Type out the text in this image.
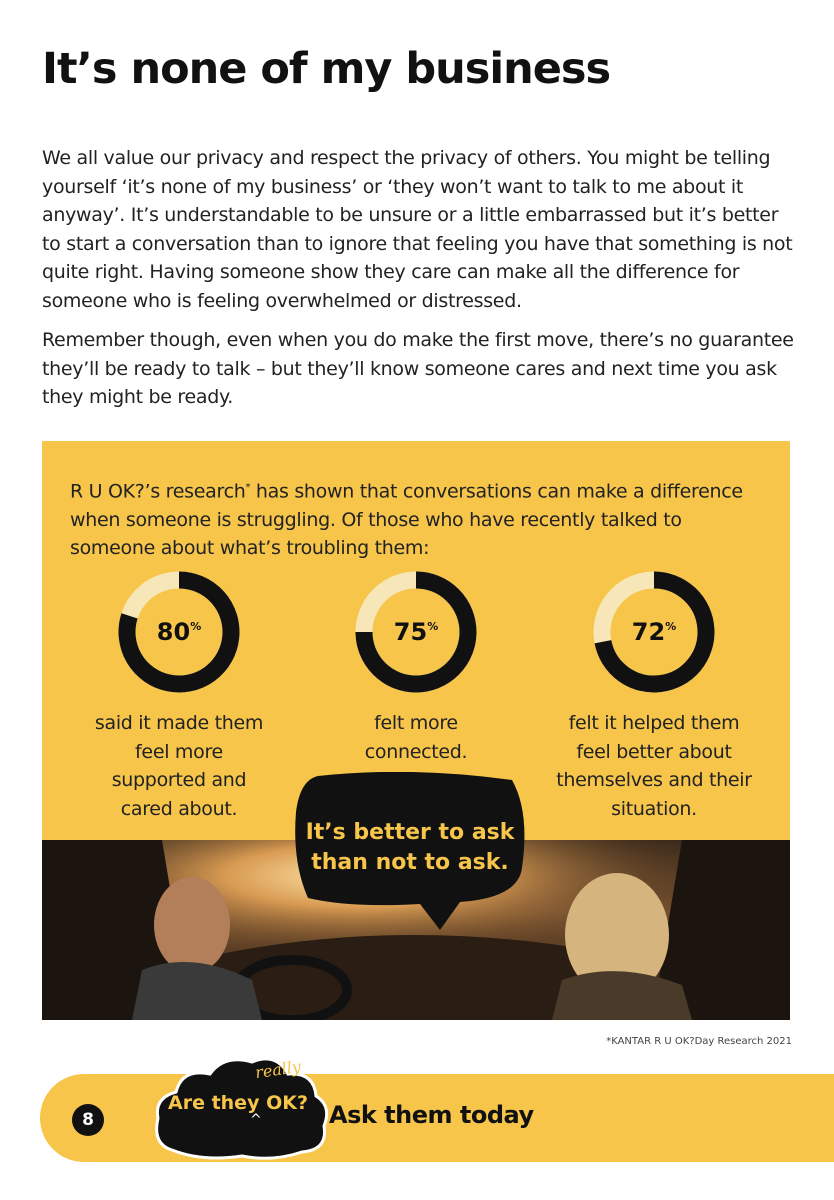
It’s none of my business

We all value our privacy and respect the privacy of others. You might be telling yourself ‘it’s none of my business’ or ‘they won’t want to talk to me about it anyway’. It’s understandable to be unsure or a little embarrassed but it’s better to start a conversation than to ignore that feeling you have that something is not quite right. Having someone show they care can make all the difference for someone who is feeling overwhelmed or distressed.

Remember though, even when you do make the first move, there’s no guarantee they’ll be ready to talk – but they’ll know someone cares and next time you ask they might be ready.

R U OK?’s research* has shown that conversations can make a difference when someone is struggling. Of those who have recently talked to someone about what’s troubling them:

80%

said it made them feel more supported and cared about.

75%

felt more connected.

72%

felt it helped them feel better about themselves and their situation.

It’s better to ask
than not to ask.

*KANTAR R U OK?Day Research 2021

8

really

Are they OK?

^	Ask them today
